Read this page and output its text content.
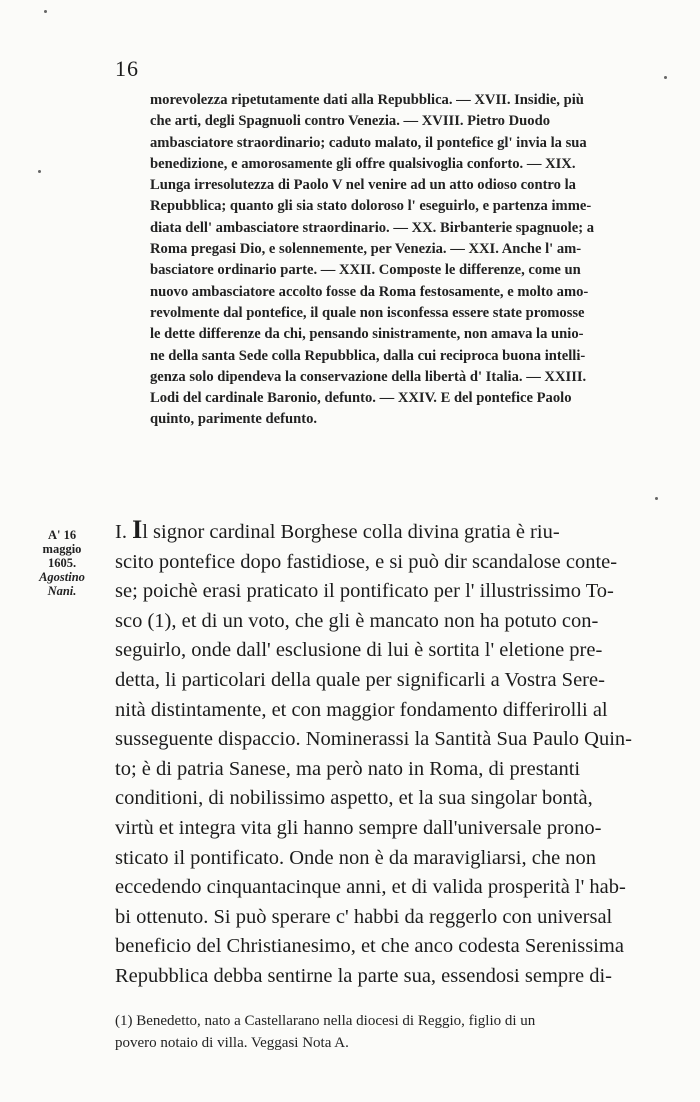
16
morevolezza ripetutamente dati alla Repubblica. — XVII. Insidie, più
che arti, degli Spagnuoli contro Venezia. — XVIII. Pietro Duodo
ambasciatore straordinario; caduto malato, il pontefice gl' invia la sua
benedizione, e amorosamente gli offre qualsivoglia conforto. — XIX.
Lunga irresolutezza di Paolo V nel venire ad un atto odioso contro la
Repubblica; quanto gli sia stato doloroso l' eseguirlo, e partenza imme-
diata dell' ambasciatore straordinario. — XX. Birbanterie spagnuole; a
Roma pregasi Dio, e solennemente, per Venezia. — XXI. Anche l' am-
basciatore ordinario parte. — XXII. Composte le differenze, come un
nuovo ambasciatore accolto fosse da Roma festosamente, e molto amo-
revolmente dal pontefice, il quale non isconfessa essere state promosse
le dette differenze da chi, pensando sinistramente, non amava la unio-
ne della santa Sede colla Repubblica, dalla cui reciproca buona intelli-
genza solo dipendeva la conservazione della libertà d' Italia. — XXIII.
Lodi del cardinale Baronio, defunto. — XXIV. E del pontefice Paolo
quinto, parimente defunto.
A' 16
maggio
1605.
Agostino
Nani.
I. Il signor cardinal Borghese colla divina gratia è riu-
scito pontefice dopo fastidiose, e si può dir scandalose conte-
se; poichè erasi praticato il pontificato per l' illustrissimo To-
sco (1), et di un voto, che gli è mancato non ha potuto con-
seguirlo, onde dall' esclusione di lui è sortita l' eletione pre-
detta, li particolari della quale per significarli a Vostra Sere-
nità distintamente, et con maggior fondamento differirolli al
susseguente dispaccio. Nominerassi la Santità Sua Paulo Quin-
to; è di patria Sanese, ma però nato in Roma, di prestanti
conditioni, di nobilissimo aspetto, et la sua singolar bontà,
virtù et integra vita gli hanno sempre dall'universale prono-
sticato il pontificato. Onde non è da maravigliarsi, che non
eccedendo cinquantacinque anni, et di valida prosperità l' hab-
bi ottenuto. Si può sperare c' habbi da reggerlo con universal
beneficio del Christianesimo, et che anco codesta Serenissima
Repubblica debba sentirne la parte sua, essendosi sempre di-
(1) Benedetto, nato a Castellarano nella diocesi di Reggio, figlio di un
povero notaio di villa. Veggasi Nota A.
